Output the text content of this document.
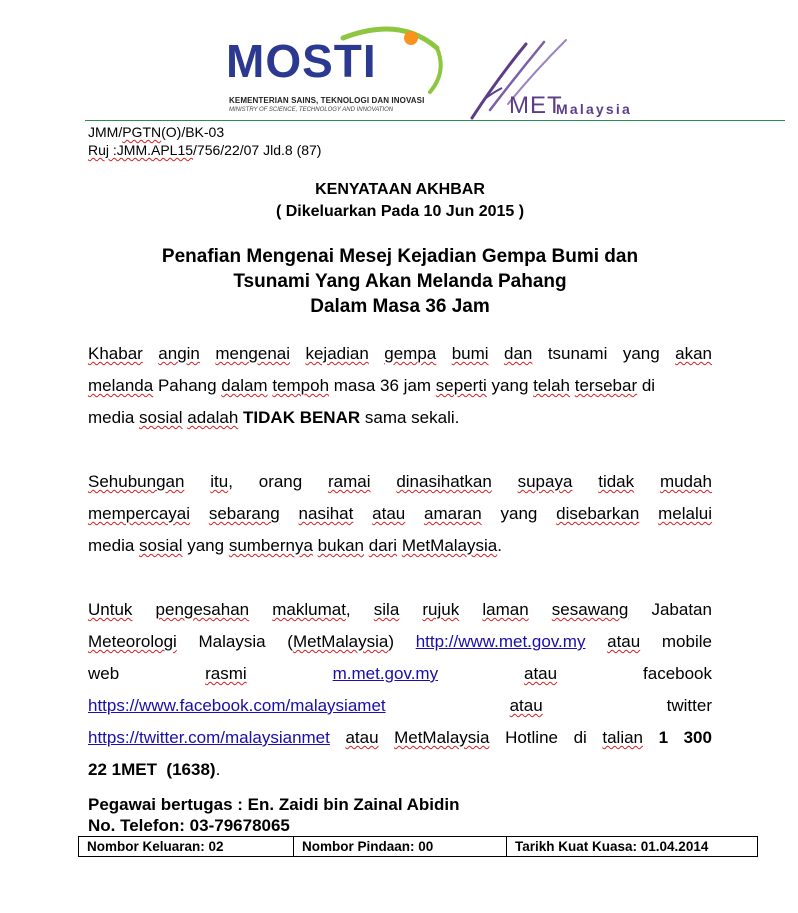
MOSTI
KEMENTERIAN SAINS, TEKNOLOGI DAN INOVASI
MINISTRY OF SCIENCE, TECHNOLOGY AND INNOVATION	MET
Malaysia
JMM/PGTN(O)/BK-03
Ruj :JMM.APL15/756/22/07 Jld.8 (87)
KENYATAAN AKHBAR
( Dikeluarkan Pada 10 Jun 2015 )
Penafian Mengenai Mesej Kejadian Gempa Bumi dan
Tsunami Yang Akan Melanda Pahang
Dalam Masa 36 Jam
Khabar angin mengenai kejadian gempa bumi dan tsunami yang akan
melanda Pahang dalam tempoh masa 36 jam seperti yang telah tersebar di
media sosial adalah TIDAK BENAR sama sekali.
Sehubungan itu, orang ramai dinasihatkan supaya tidak mudah
mempercayai sebarang nasihat atau amaran yang disebarkan melalui
media sosial yang sumbernya bukan dari MetMalaysia.
Untuk pengesahan maklumat, sila rujuk laman sesawang Jabatan
Meteorologi Malaysia (MetMalaysia) http://www.met.gov.my atau mobile
web	rasmi	m.met.gov.my	atau	facebook
https://www.facebook.com/malaysiamet	atau	twitter
https://twitter.com/malaysianmet atau MetMalaysia Hotline di talian 1 300
22 1MET  (1638).
Pegawai bertugas : En. Zaidi bin Zainal Abidin
No. Telefon: 03-79678065
Nombor Keluaran: 02	Nombor Pindaan: 00	Tarikh Kuat Kuasa: 01.04.2014
